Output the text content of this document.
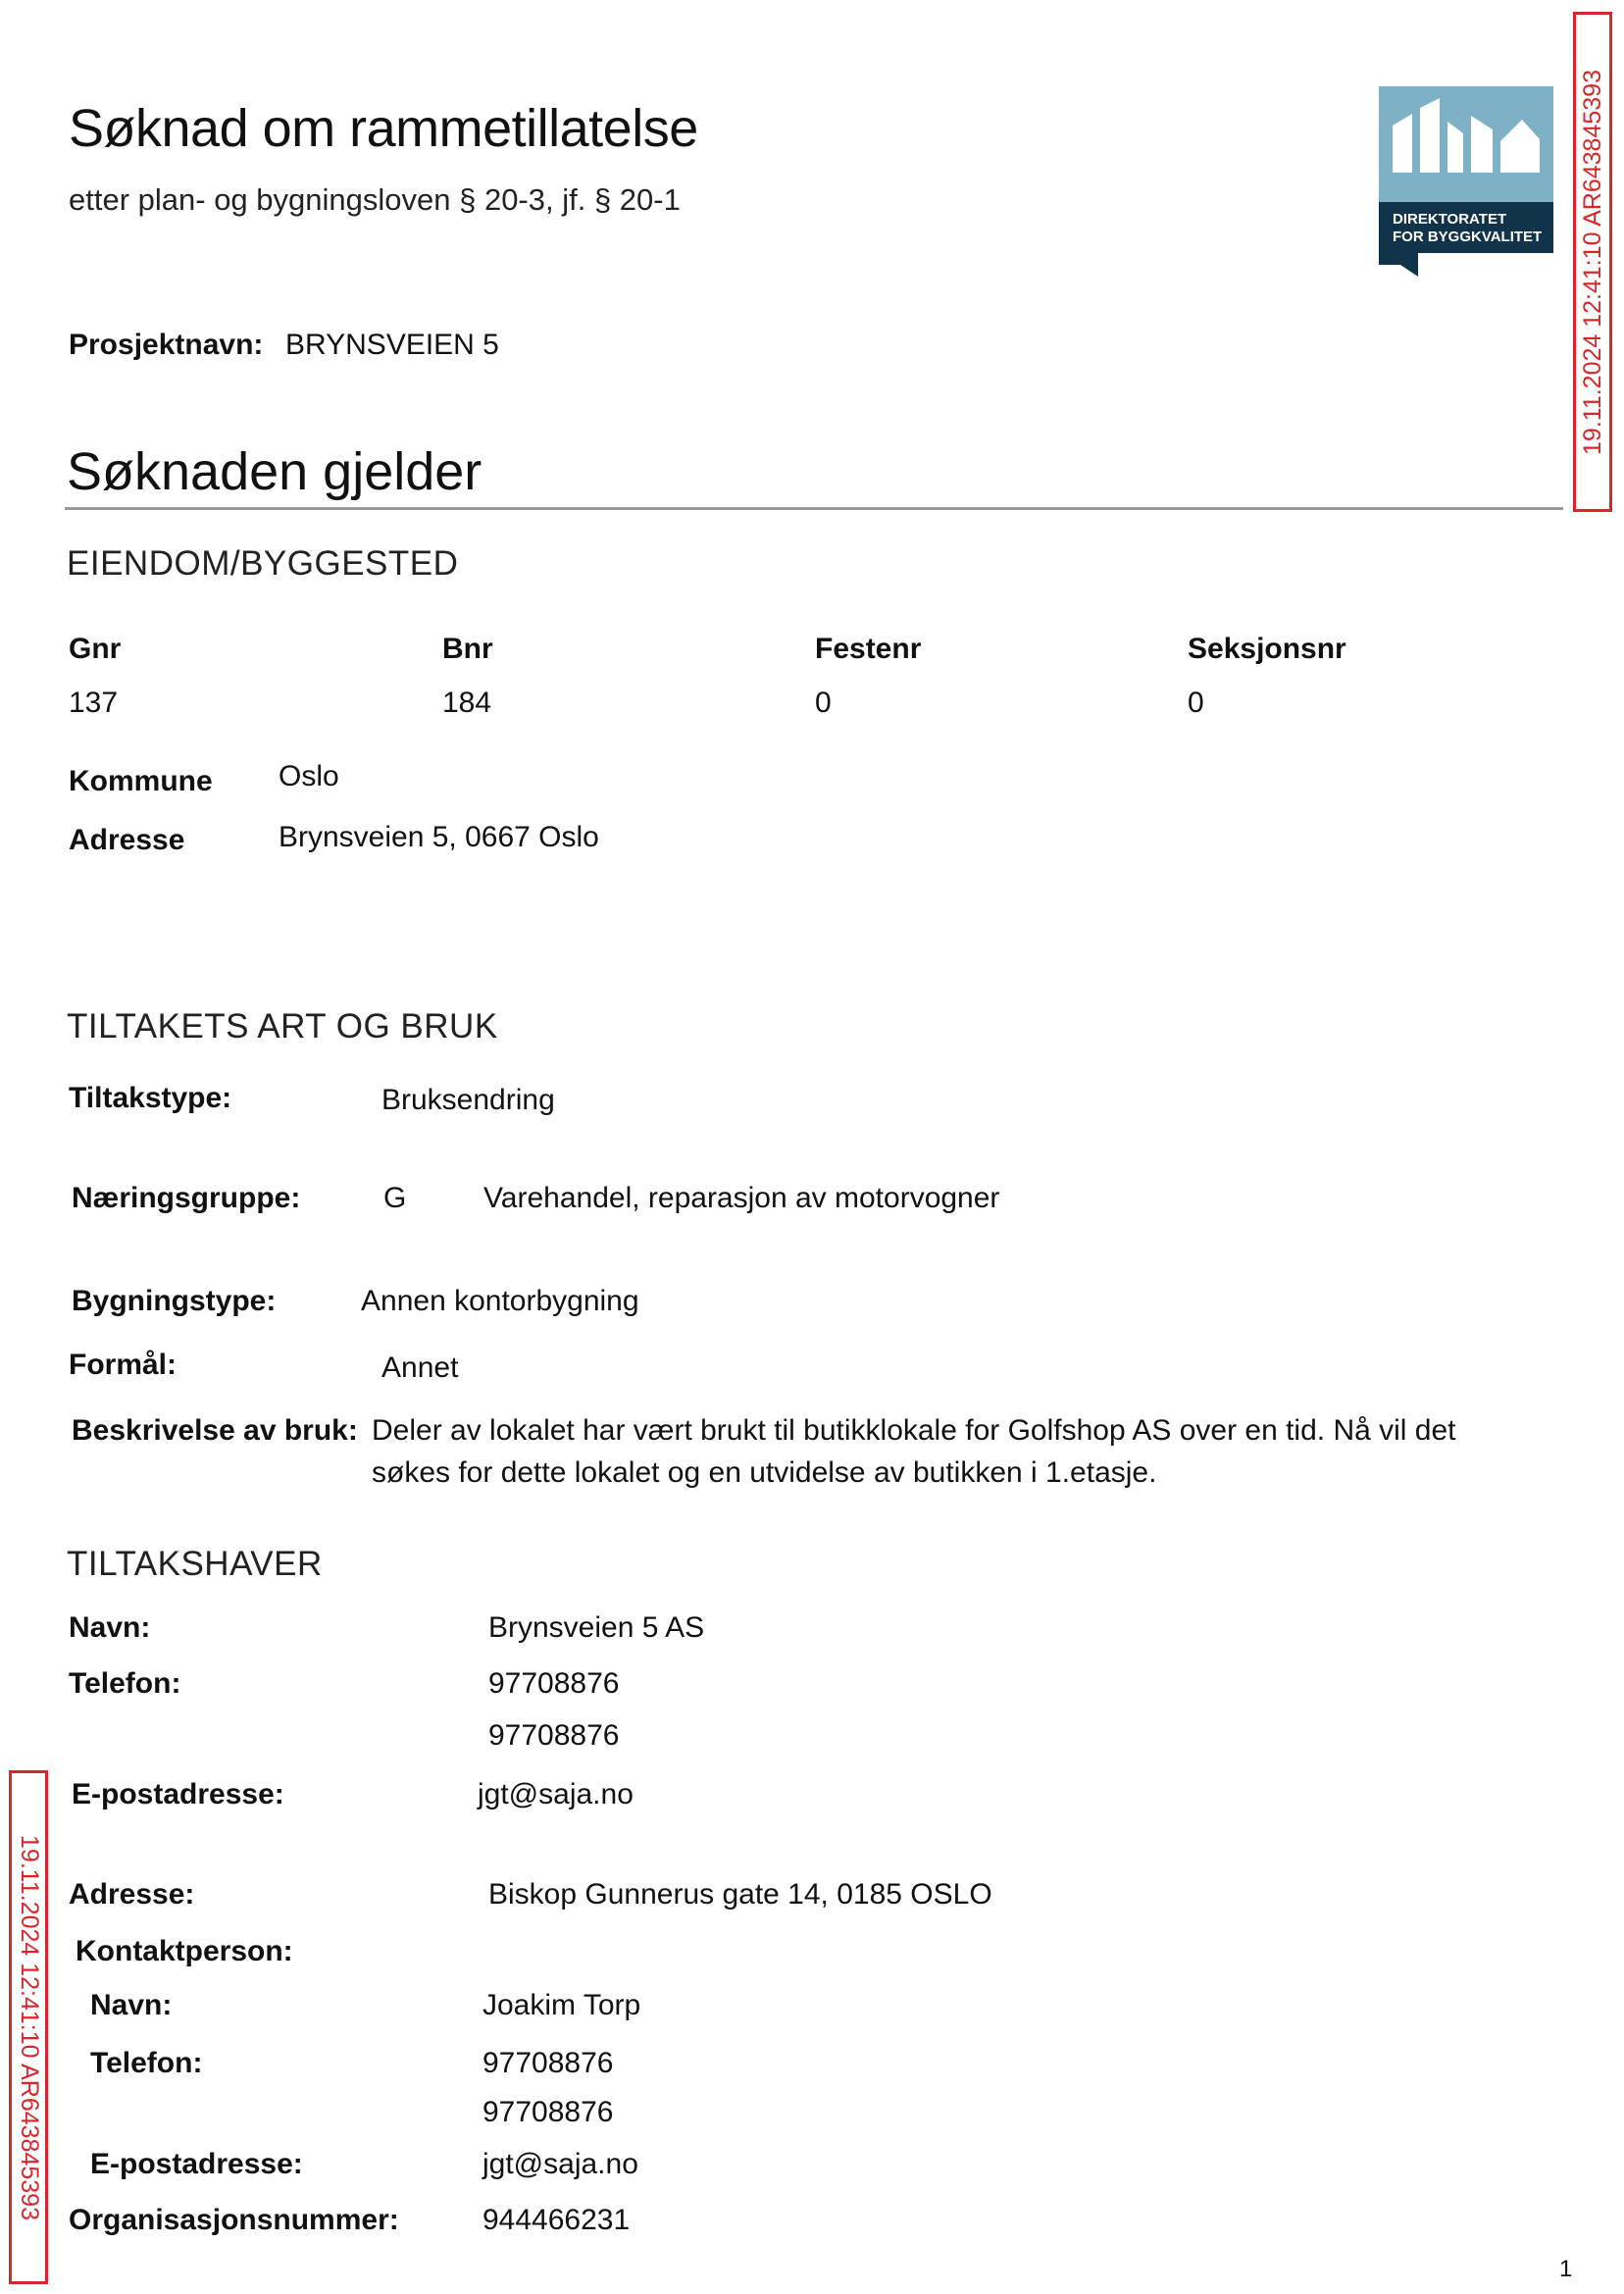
Søknad om rammetillatelse
etter plan- og bygningsloven § 20-3, jf. § 20-1
DIREKTORATET
FOR BYGGKVALITET
Prosjektnavn: BRYNSVEIEN 5
Søknaden gjelder
EIENDOM/BYGGESTED
Gnr	Bnr	Festenr	Seksjonsnr
137	184	0	0
Kommune Oslo
Adresse	Brynsveien 5, 0667 Oslo
TILTAKETS ART OG BRUK
Tiltakstype:	Bruksendring
Næringsgruppe:	G	Varehandel, reparasjon av motorvogner
Bygningstype:	Annen kontorbygning
Formål:	Annet
Beskrivelse av bruk: Deler av lokalet har vært brukt til butikklokale for Golfshop AS over en tid. Nå vil det
søkes for dette lokalet og en utvidelse av butikken i 1.etasje.
TILTAKSHAVER
Navn:	Brynsveien 5 AS
Telefon:	97708876
97708876
E-postadresse:	jgt@saja.no
Adresse:	Biskop Gunnerus gate 14, 0185 OSLO
Kontaktperson:
Navn:	Joakim Torp
Telefon:	97708876
97708876
E-postadresse:	jgt@saja.no
Organisasjonsnummer:	944466231
1
19.11.2024 12:41:10 AR643845393
19.11.2024 12:41:10 AR643845393
